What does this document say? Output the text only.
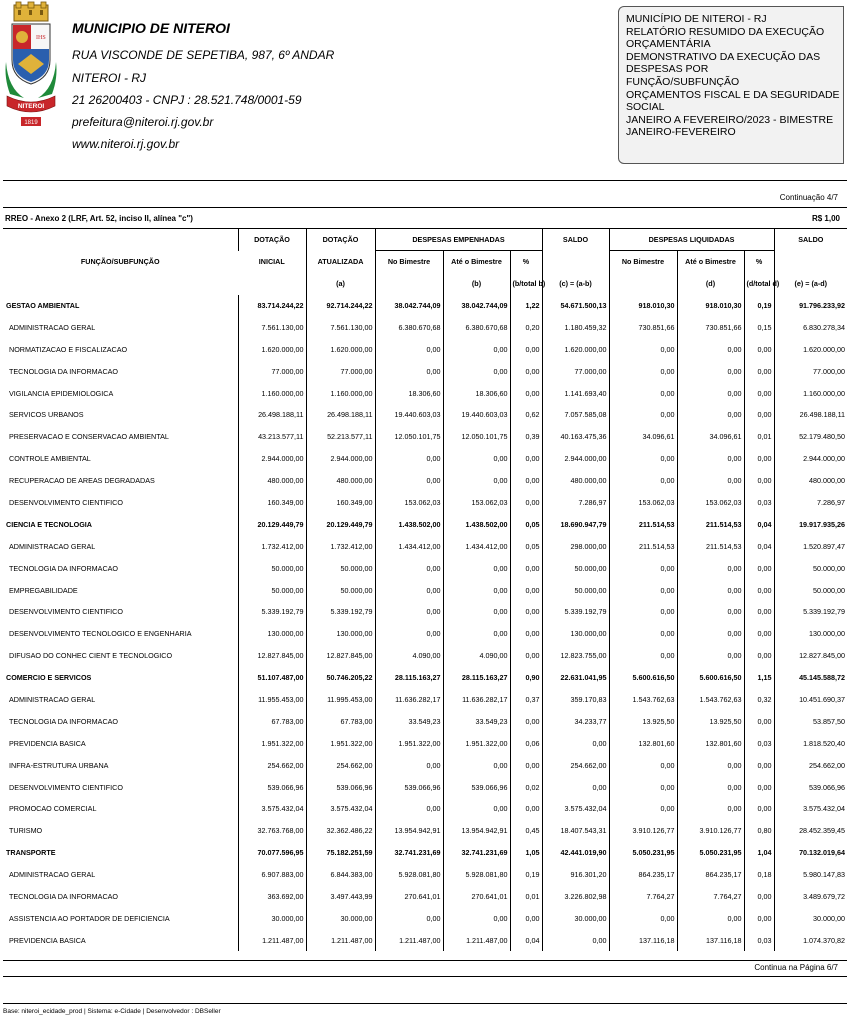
IHS
NITEROI
1819
MUNICIPIO DE NITEROI
RUA VISCONDE DE SEPETIBA, 987, 6º ANDAR
NITEROI - RJ
21 26200403 - CNPJ : 28.521.748/0001-59
prefeitura@niteroi.rj.gov.br
www.niteroi.rj.gov.br
MUNICÍPIO DE NITEROI - RJ
RELATÓRIO RESUMIDO DA EXECUÇÃO ORÇAMENTÁRIA
DEMONSTRATIVO DA EXECUÇÃO DAS DESPESAS POR
FUNÇÃO/SUBFUNÇÃO
ORÇAMENTOS FISCAL E DA SEGURIDADE SOCIAL
JANEIRO A FEVEREIRO/2023 - BIMESTRE
JANEIRO-FEVEREIRO
Continuação 4/7
RREO - Anexo 2 (LRF, Art. 52, inciso II, alínea "c")	R$ 1,00
FUNÇÃO/SUBFUNÇÃO	DOTAÇÃO	DOTAÇÃO	DESPESAS EMPENHADAS			SALDO	DESPESAS LIQUIDADAS			SALDO
	INICIAL	ATUALIZADA	No Bimestre	Até o Bimestre	%		No Bimestre	Até o Bimestre	%	
		(a)		(b)	(b/total b)	(c) = (a-b)		(d)	(d/total d)	(e) = (a-d)
GESTAO AMBIENTAL	83.714.244,22	92.714.244,22	38.042.744,09	38.042.744,09	1,22	54.671.500,13	918.010,30	918.010,30	0,19	91.796.233,92
ADMINISTRACAO GERAL	7.561.130,00	7.561.130,00	6.380.670,68	6.380.670,68	0,20	1.180.459,32	730.851,66	730.851,66	0,15	6.830.278,34
NORMATIZACAO E FISCALIZACAO	1.620.000,00	1.620.000,00	0,00	0,00	0,00	1.620.000,00	0,00	0,00	0,00	1.620.000,00
TECNOLOGIA DA INFORMACAO	77.000,00	77.000,00	0,00	0,00	0,00	77.000,00	0,00	0,00	0,00	77.000,00
VIGILANCIA EPIDEMIOLOGICA	1.160.000,00	1.160.000,00	18.306,60	18.306,60	0,00	1.141.693,40	0,00	0,00	0,00	1.160.000,00
SERVICOS URBANOS	26.498.188,11	26.498.188,11	19.440.603,03	19.440.603,03	0,62	7.057.585,08	0,00	0,00	0,00	26.498.188,11
PRESERVACAO E CONSERVACAO AMBIENTAL	43.213.577,11	52.213.577,11	12.050.101,75	12.050.101,75	0,39	40.163.475,36	34.096,61	34.096,61	0,01	52.179.480,50
CONTROLE AMBIENTAL	2.944.000,00	2.944.000,00	0,00	0,00	0,00	2.944.000,00	0,00	0,00	0,00	2.944.000,00
RECUPERACAO DE AREAS DEGRADADAS	480.000,00	480.000,00	0,00	0,00	0,00	480.000,00	0,00	0,00	0,00	480.000,00
DESENVOLVIMENTO CIENTIFICO	160.349,00	160.349,00	153.062,03	153.062,03	0,00	7.286,97	153.062,03	153.062,03	0,03	7.286,97
CIENCIA E TECNOLOGIA	20.129.449,79	20.129.449,79	1.438.502,00	1.438.502,00	0,05	18.690.947,79	211.514,53	211.514,53	0,04	19.917.935,26
ADMINISTRACAO GERAL	1.732.412,00	1.732.412,00	1.434.412,00	1.434.412,00	0,05	298.000,00	211.514,53	211.514,53	0,04	1.520.897,47
TECNOLOGIA DA INFORMACAO	50.000,00	50.000,00	0,00	0,00	0,00	50.000,00	0,00	0,00	0,00	50.000,00
EMPREGABILIDADE	50.000,00	50.000,00	0,00	0,00	0,00	50.000,00	0,00	0,00	0,00	50.000,00
DESENVOLVIMENTO CIENTIFICO	5.339.192,79	5.339.192,79	0,00	0,00	0,00	5.339.192,79	0,00	0,00	0,00	5.339.192,79
DESENVOLVIMENTO TECNOLOGICO E ENGENHARIA	130.000,00	130.000,00	0,00	0,00	0,00	130.000,00	0,00	0,00	0,00	130.000,00
DIFUSAO DO CONHEC CIENT E TECNOLOGICO	12.827.845,00	12.827.845,00	4.090,00	4.090,00	0,00	12.823.755,00	0,00	0,00	0,00	12.827.845,00
COMERCIO E SERVICOS	51.107.487,00	50.746.205,22	28.115.163,27	28.115.163,27	0,90	22.631.041,95	5.600.616,50	5.600.616,50	1,15	45.145.588,72
ADMINISTRACAO GERAL	11.955.453,00	11.995.453,00	11.636.282,17	11.636.282,17	0,37	359.170,83	1.543.762,63	1.543.762,63	0,32	10.451.690,37
TECNOLOGIA DA INFORMACAO	67.783,00	67.783,00	33.549,23	33.549,23	0,00	34.233,77	13.925,50	13.925,50	0,00	53.857,50
PREVIDENCIA BASICA	1.951.322,00	1.951.322,00	1.951.322,00	1.951.322,00	0,06	0,00	132.801,60	132.801,60	0,03	1.818.520,40
INFRA-ESTRUTURA URBANA	254.662,00	254.662,00	0,00	0,00	0,00	254.662,00	0,00	0,00	0,00	254.662,00
DESENVOLVIMENTO CIENTIFICO	539.066,96	539.066,96	539.066,96	539.066,96	0,02	0,00	0,00	0,00	0,00	539.066,96
PROMOCAO COMERCIAL	3.575.432,04	3.575.432,04	0,00	0,00	0,00	3.575.432,04	0,00	0,00	0,00	3.575.432,04
TURISMO	32.763.768,00	32.362.486,22	13.954.942,91	13.954.942,91	0,45	18.407.543,31	3.910.126,77	3.910.126,77	0,80	28.452.359,45
TRANSPORTE	70.077.596,95	75.182.251,59	32.741.231,69	32.741.231,69	1,05	42.441.019,90	5.050.231,95	5.050.231,95	1,04	70.132.019,64
ADMINISTRACAO GERAL	6.907.883,00	6.844.383,00	5.928.081,80	5.928.081,80	0,19	916.301,20	864.235,17	864.235,17	0,18	5.980.147,83
TECNOLOGIA DA INFORMACAO	363.692,00	3.497.443,99	270.641,01	270.641,01	0,01	3.226.802,98	7.764,27	7.764,27	0,00	3.489.679,72
ASSISTENCIA AO PORTADOR DE DEFICIENCIA	30.000,00	30.000,00	0,00	0,00	0,00	30.000,00	0,00	0,00	0,00	30.000,00
PREVIDENCIA BASICA	1.211.487,00	1.211.487,00	1.211.487,00	1.211.487,00	0,04	0,00	137.116,18	137.116,18	0,03	1.074.370,82
Continua na Página 6/7
Base: niteroi_ecidade_prod | Sistema: e-Cidade | Desenvolvedor : DBSeller
